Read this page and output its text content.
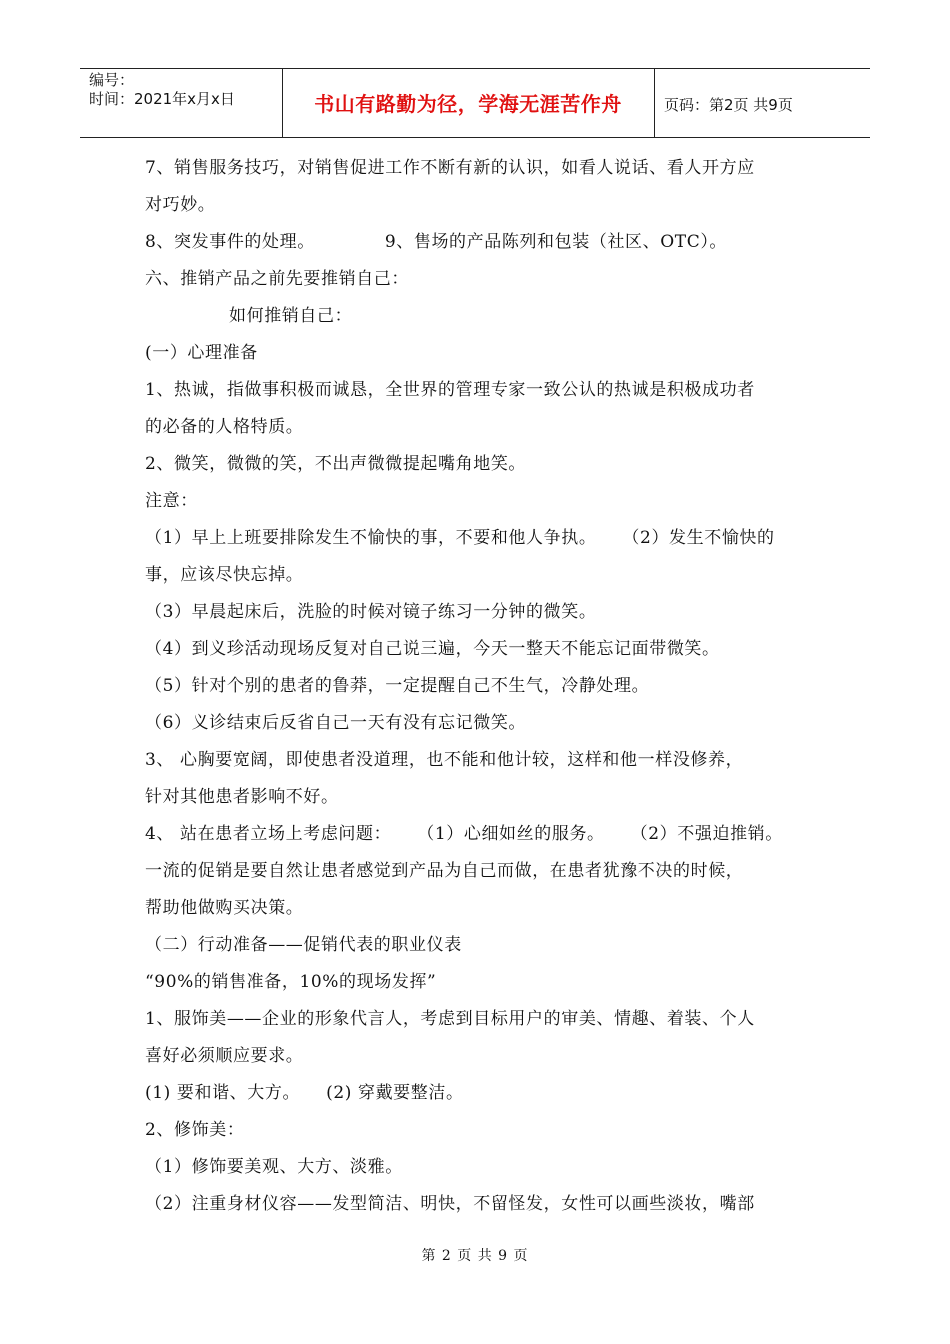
编号：
时间：2021年x月x日	书山有路勤为径，学海无涯苦作舟	页码：第2页 共9页

7、销售服务技巧，对销售促进工作不断有新的认识，如看人说话、看人开方应

对巧妙。

8、突发事件的处理。	9、售场的产品陈列和包装（社区、OTC）。

六、推销产品之前先要推销自己：

如何推销自己：

(一）心理准备

1、热诚，指做事积极而诚恳，全世界的管理专家一致公认的热诚是积极成功者

的必备的人格特质。

2、微笑，微微的笑，不出声微微提起嘴角地笑。

注意：

（1）早上上班要排除发生不愉快的事，不要和他人争执。 （2）发生不愉快的

事，应该尽快忘掉。

（3）早晨起床后，洗脸的时候对镜子练习一分钟的微笑。

（4）到义珍活动现场反复对自己说三遍，今天一整天不能忘记面带微笑。

（5）针对个别的患者的鲁莽，一定提醒自己不生气，冷静处理。

（6）义诊结束后反省自己一天有没有忘记微笑。

3、 心胸要宽阔，即使患者没道理，也不能和他计较，这样和他一样没修养，

针对其他患者影响不好。

4、 站在患者立场上考虑问题： （1）心细如丝的服务。 （2）不强迫推销。

一流的促销是要自然让患者感觉到产品为自己而做，在患者犹豫不决的时候，

帮助他做购买决策。

（二）行动准备——促销代表的职业仪表

“90%的销售准备，10%的现场发挥”

1、服饰美——企业的形象代言人，考虑到目标用户的审美、情趣、着装、个人

喜好必须顺应要求。

(1) 要和谐、大方。 (2) 穿戴要整洁。

2、修饰美：

（1）修饰要美观、大方、淡雅。

（2）注重身材仪容——发型简洁、明快，不留怪发，女性可以画些淡妆，嘴部

第 2 页 共 9 页
